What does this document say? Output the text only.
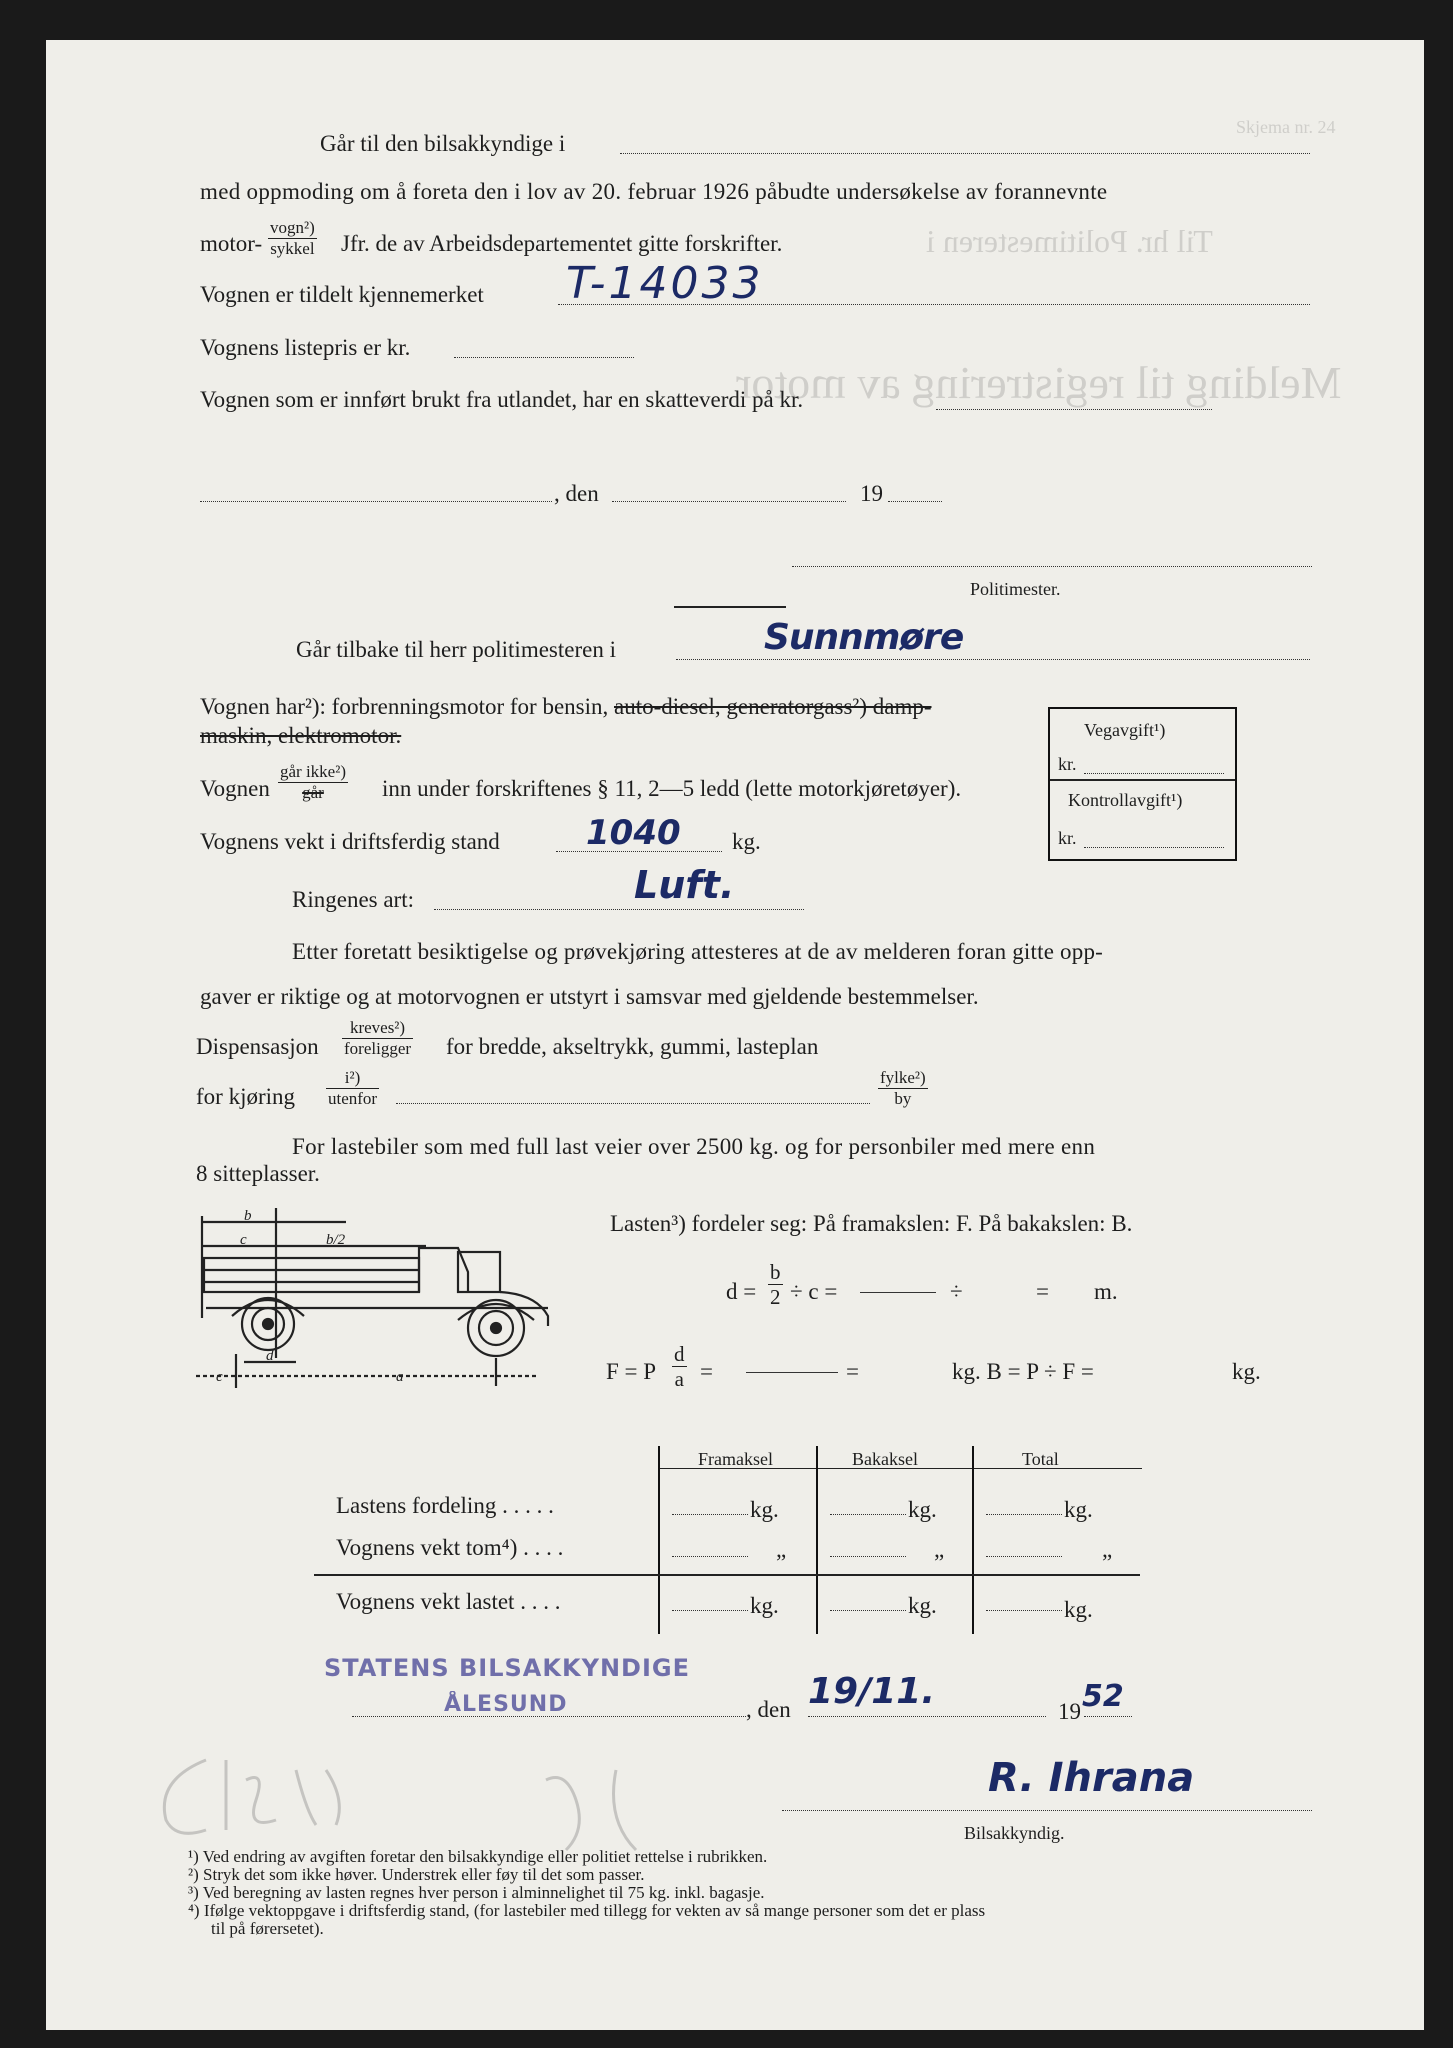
Skjema nr. 24
Til hr. Politimesteren i
Melding til registrering av motor
Går til den bilsakkyndige i
med oppmoding om å foreta den i lov av 20. februar 1926 påbudte undersøkelse av forannevnte
motor-
vogn²)
sykkel Jfr. de av Arbeidsdepartementet gitte forskrifter.
Vognen er tildelt kjennemerket T-14033
Vognens listepris er kr.
Vognen som er innført brukt fra utlandet, har en skatteverdi på kr.
, den	19
Politimester.
Går tilbake til herr politimesteren i	Sunnmøre
Vognen har²): forbrenningsmotor for bensin, auto-diesel, generatorgass²) damp-
maskin, elektromotor.
Vognen
går ikke²)
går	inn under forskriftenes § 11, 2—5 ledd (lette motorkjøretøyer).
Vognens vekt i driftsferdig stand	1040 kg.
Ringenes art:	Luft.
Etter foretatt besiktigelse og prøvekjøring attesteres at de av melderen foran gitte opp-
gaver er riktige og at motorvognen er utstyrt i samsvar med gjeldende bestemmelser.
Dispensasjon
kreves²)
foreligger for bredde, akseltrykk, gummi, lasteplan
for kjøring
i²)
utenfor
fylke²)
by
Vegavgift¹)
kr.
Kontrollavgift¹)
kr.
For lastebiler som med full last veier over 2500 kg. og for personbiler med mere enn
8 sitteplasser.
b
c	b/2
d
c	a
Lasten³) fordeler seg: På framakslen: F. På bakakslen: B.
$d = \frac{b}{2} \div c$ =	÷	= m.
F = P $\frac{d}{a}$ =	=	kg. B = P ÷ F =	kg.
Framaksel	Bakaksel	Total
Lastens fordeling . . . . .	kg.	kg.	kg.
Vognens vekt tom⁴) . . . .	„	„	„
Vognens vekt lastet . . . .	kg.	kg.	kg.
STATENS BILSAKKYNDIGE
ÅLESUND	, den 19/11.	19 52
R. Ihrana
Bilsakkyndig.
¹) Ved endring av avgiften foretar den bilsakkyndige eller politiet rettelse i rubrikken.
²) Stryk det som ikke høver. Understrek eller føy til det som passer.
³) Ved beregning av lasten regnes hver person i alminnelighet til 75 kg. inkl. bagasje.
⁴) Ifølge vektoppgave i driftsferdig stand, (for lastebiler med tillegg for vekten av så mange personer som det er plass
til på førersetet).
